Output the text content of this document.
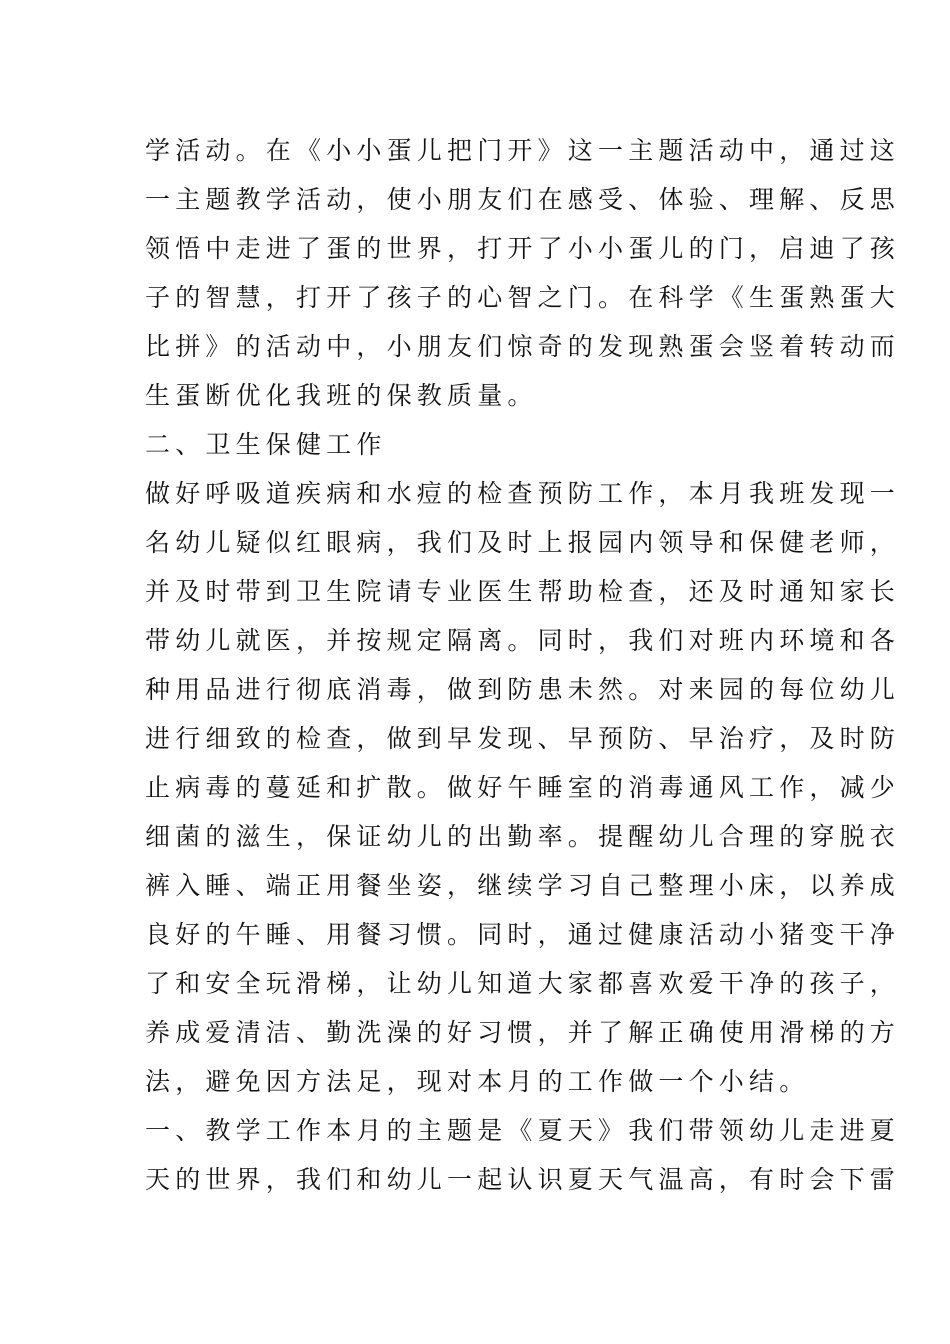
学活动。在《小小蛋儿把门开》这一主题活动中，通过这
一主题教学活动，使小朋友们在感受、体验、理解、反思
领悟中走进了蛋的世界，打开了小小蛋儿的门，启迪了孩
子的智慧，打开了孩子的心智之门。在科学《生蛋熟蛋大
比拼》的活动中，小朋友们惊奇的发现熟蛋会竖着转动而
生蛋断优化我班的保教质量。
二、卫生保健工作
做好呼吸道疾病和水痘的检查预防工作，本月我班发现一
名幼儿疑似红眼病，我们及时上报园内领导和保健老师，
并及时带到卫生院请专业医生帮助检查，还及时通知家长
带幼儿就医，并按规定隔离。同时，我们对班内环境和各
种用品进行彻底消毒，做到防患未然。对来园的每位幼儿
进行细致的检查，做到早发现、早预防、早治疗，及时防
止病毒的蔓延和扩散。做好午睡室的消毒通风工作，减少
细菌的滋生，保证幼儿的出勤率。提醒幼儿合理的穿脱衣
裤入睡、端正用餐坐姿，继续学习自己整理小床，以养成
良好的午睡、用餐习惯。同时，通过健康活动小猪变干净
了和安全玩滑梯，让幼儿知道大家都喜欢爱干净的孩子，
养成爱清洁、勤洗澡的好习惯，并了解正确使用滑梯的方
法，避免因方法足，现对本月的工作做一个小结。
一、教学工作本月的主题是《夏天》我们带领幼儿走进夏
天的世界，我们和幼儿一起认识夏天气温高，有时会下雷
